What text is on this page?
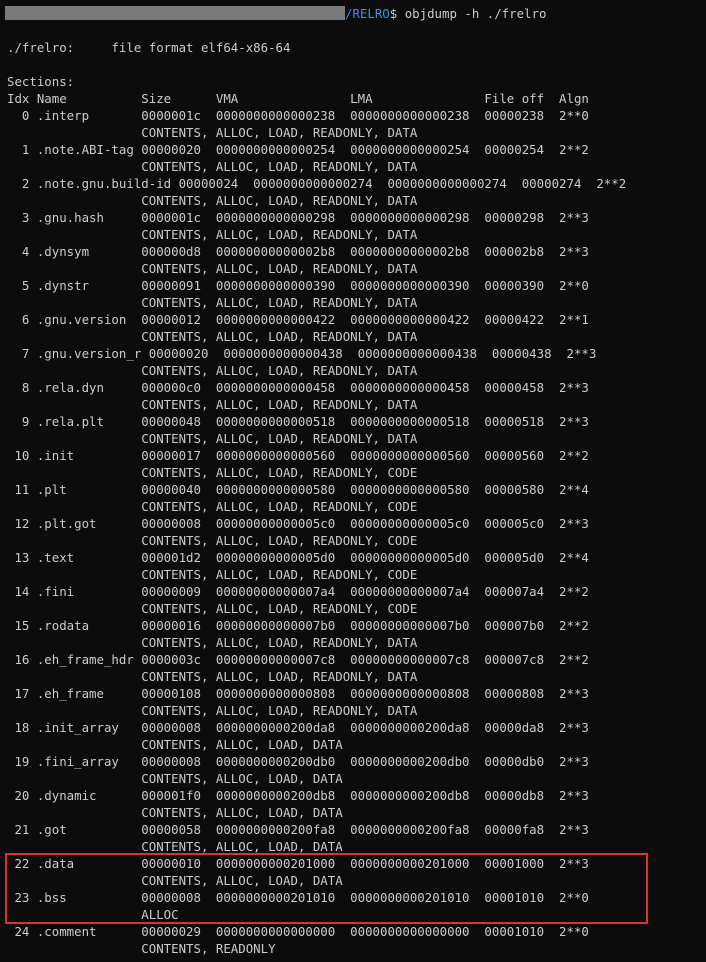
/RELRO$ objdump -h ./frelro
./frelro:     file format elf64-x86-64
Sections:
Idx Name          Size      VMA               LMA               File off  Algn
0 .interp       0000001c  0000000000000238  0000000000000238  00000238  2**0
CONTENTS, ALLOC, LOAD, READONLY, DATA
1 .note.ABI-tag 00000020  0000000000000254  0000000000000254  00000254  2**2
CONTENTS, ALLOC, LOAD, READONLY, DATA
2 .note.gnu.build-id 00000024  0000000000000274  0000000000000274  00000274  2**2
CONTENTS, ALLOC, LOAD, READONLY, DATA
3 .gnu.hash     0000001c  0000000000000298  0000000000000298  00000298  2**3
CONTENTS, ALLOC, LOAD, READONLY, DATA
4 .dynsym       000000d8  00000000000002b8  00000000000002b8  000002b8  2**3
CONTENTS, ALLOC, LOAD, READONLY, DATA
5 .dynstr       00000091  0000000000000390  0000000000000390  00000390  2**0
CONTENTS, ALLOC, LOAD, READONLY, DATA
6 .gnu.version  00000012  0000000000000422  0000000000000422  00000422  2**1
CONTENTS, ALLOC, LOAD, READONLY, DATA
7 .gnu.version_r 00000020  0000000000000438  0000000000000438  00000438  2**3
CONTENTS, ALLOC, LOAD, READONLY, DATA
8 .rela.dyn     000000c0  0000000000000458  0000000000000458  00000458  2**3
CONTENTS, ALLOC, LOAD, READONLY, DATA
9 .rela.plt     00000048  0000000000000518  0000000000000518  00000518  2**3
CONTENTS, ALLOC, LOAD, READONLY, DATA
10 .init         00000017  0000000000000560  0000000000000560  00000560  2**2
CONTENTS, ALLOC, LOAD, READONLY, CODE
11 .plt          00000040  0000000000000580  0000000000000580  00000580  2**4
CONTENTS, ALLOC, LOAD, READONLY, CODE
12 .plt.got      00000008  00000000000005c0  00000000000005c0  000005c0  2**3
CONTENTS, ALLOC, LOAD, READONLY, CODE
13 .text         000001d2  00000000000005d0  00000000000005d0  000005d0  2**4
CONTENTS, ALLOC, LOAD, READONLY, CODE
14 .fini         00000009  00000000000007a4  00000000000007a4  000007a4  2**2
CONTENTS, ALLOC, LOAD, READONLY, CODE
15 .rodata       00000016  00000000000007b0  00000000000007b0  000007b0  2**2
CONTENTS, ALLOC, LOAD, READONLY, DATA
16 .eh_frame_hdr 0000003c  00000000000007c8  00000000000007c8  000007c8  2**2
CONTENTS, ALLOC, LOAD, READONLY, DATA
17 .eh_frame     00000108  0000000000000808  0000000000000808  00000808  2**3
CONTENTS, ALLOC, LOAD, READONLY, DATA
18 .init_array   00000008  0000000000200da8  0000000000200da8  00000da8  2**3
CONTENTS, ALLOC, LOAD, DATA
19 .fini_array   00000008  0000000000200db0  0000000000200db0  00000db0  2**3
CONTENTS, ALLOC, LOAD, DATA
20 .dynamic      000001f0  0000000000200db8  0000000000200db8  00000db8  2**3
CONTENTS, ALLOC, LOAD, DATA
21 .got          00000058  0000000000200fa8  0000000000200fa8  00000fa8  2**3
CONTENTS, ALLOC, LOAD, DATA
22 .data         00000010  0000000000201000  0000000000201000  00001000  2**3
CONTENTS, ALLOC, LOAD, DATA
23 .bss          00000008  0000000000201010  0000000000201010  00001010  2**0
ALLOC
24 .comment      00000029  0000000000000000  0000000000000000  00001010  2**0
CONTENTS, READONLY
